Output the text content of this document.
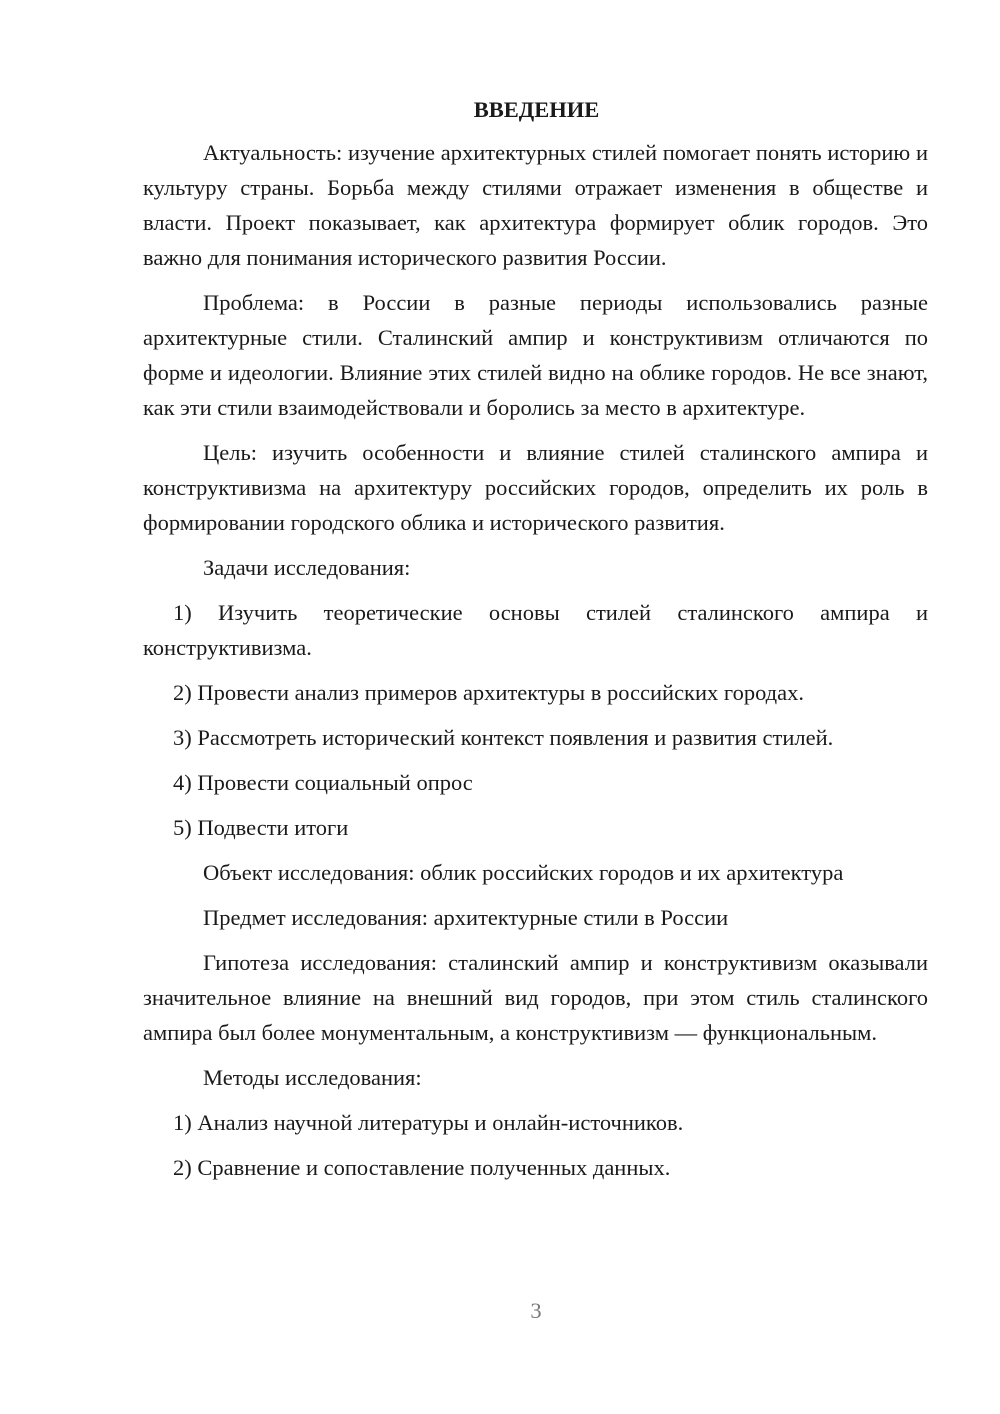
ВВЕДЕНИЕ

Актуальность: изучение архитектурных стилей помогает понять историю и культуру страны. Борьба между стилями отражает изменения в обществе и власти. Проект показывает, как архитектура формирует облик городов. Это важно для понимания исторического развития России.

Проблема: в России в разные периоды использовались разные архитектурные стили. Сталинский ампир и конструктивизм отличаются по форме и идеологии. Влияние этих стилей видно на облике городов. Не все знают, как эти стили взаимодействовали и боролись за место в архитектуре.

Цель: изучить особенности и влияние стилей сталинского ампира и конструктивизма на архитектуру российских городов, определить их роль в формировании городского облика и исторического развития.

Задачи исследования:

1) Изучить теоретические основы стилей сталинского ампира и конструктивизма.

2) Провести анализ примеров архитектуры в российских городах.

3) Рассмотреть исторический контекст появления и развития стилей.

4) Провести социальный опрос

5) Подвести итоги

Объект исследования: облик российских городов и их архитектура

Предмет исследования: архитектурные стили в России

Гипотеза исследования: сталинский ампир и конструктивизм оказывали значительное влияние на внешний вид городов, при этом стиль сталинского ампира был более монументальным, а конструктивизм — функциональным.

Методы исследования:

1) Анализ научной литературы и онлайн-источников.

2) Сравнение и сопоставление полученных данных.

3
